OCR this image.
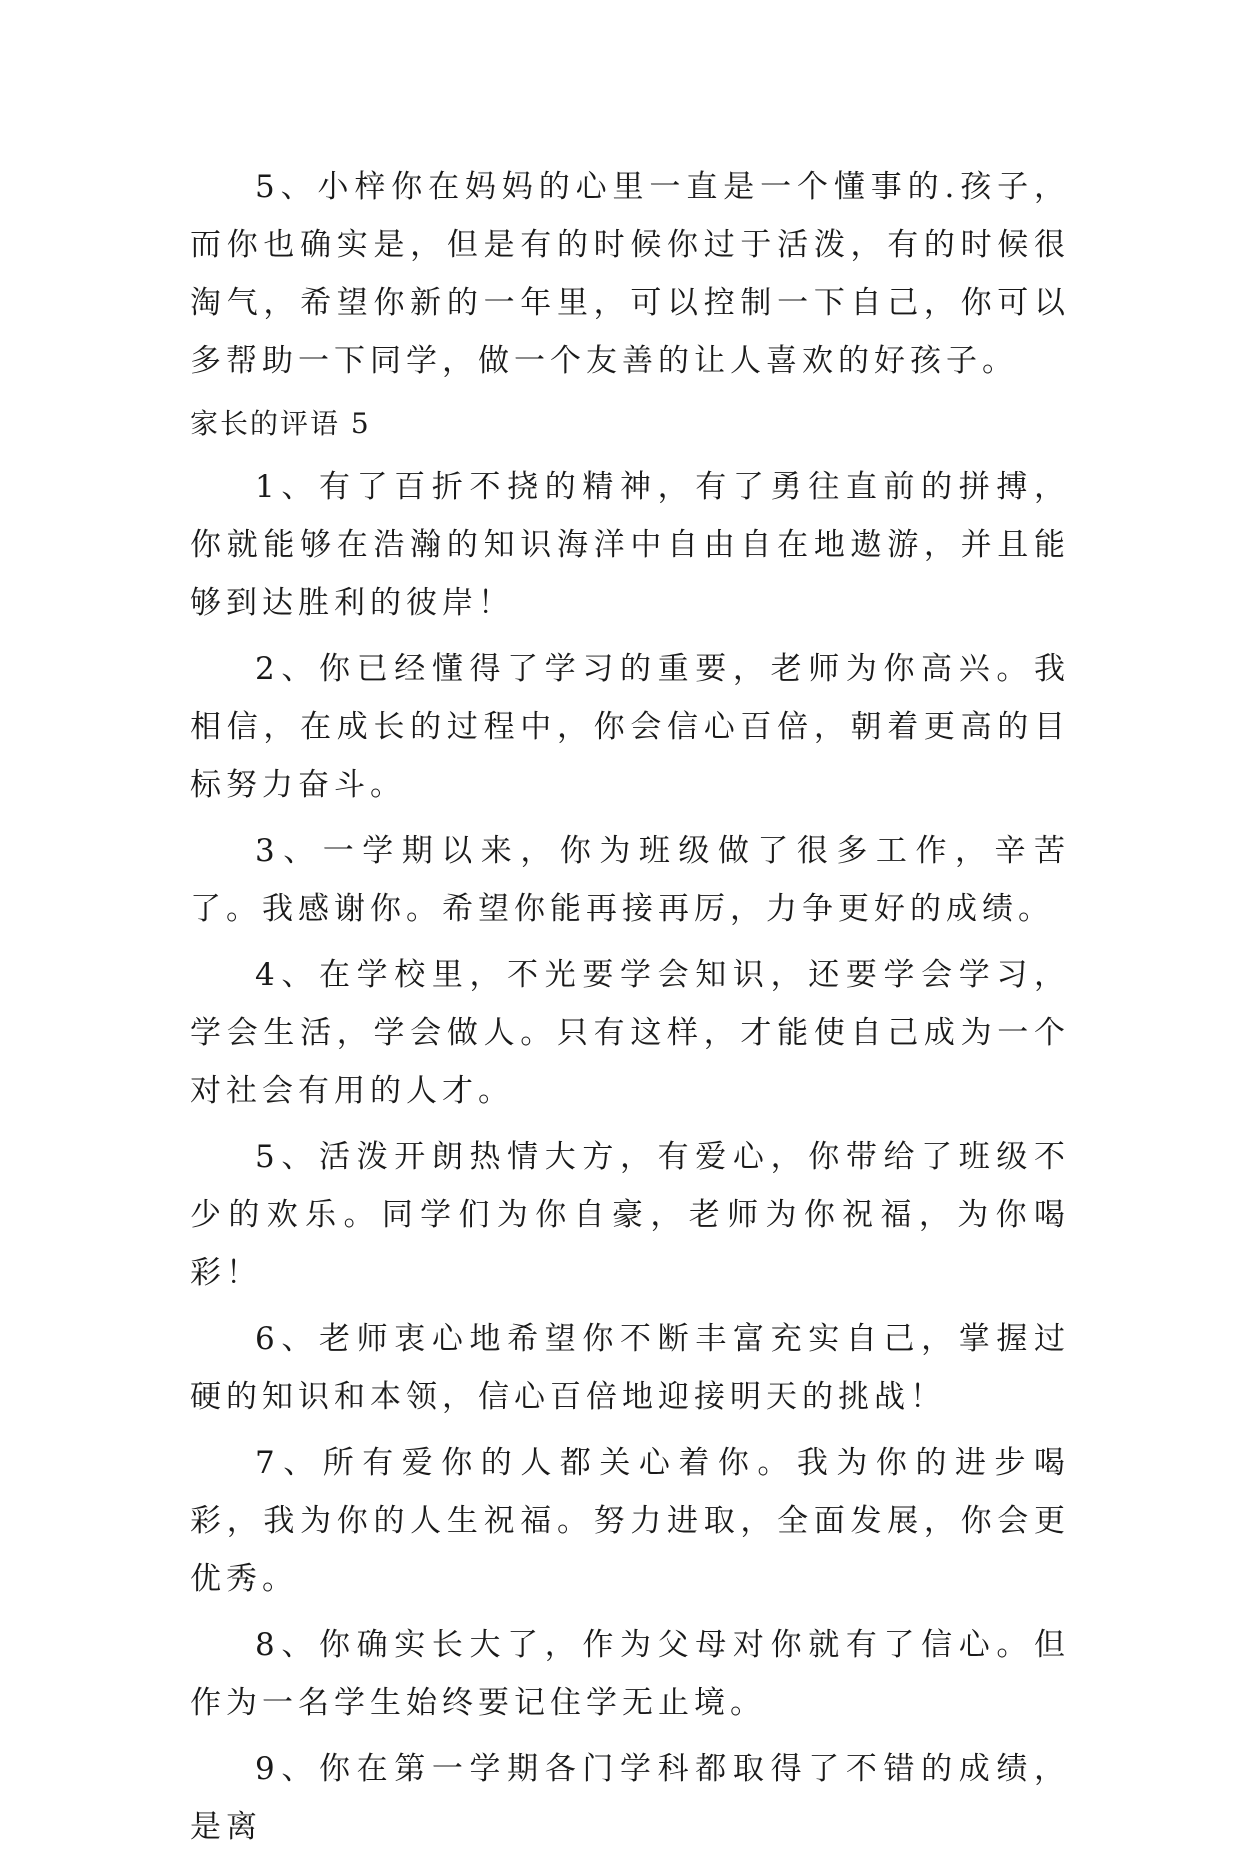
5、小梓你在妈妈的心里一直是一个懂事的.孩子，而你也确实是，但是有的时候你过于活泼，有的时候很淘气，希望你新的一年里，可以控制一下自己，你可以多帮助一下同学，做一个友善的让人喜欢的好孩子。

家长的评语 5

1、有了百折不挠的精神，有了勇往直前的拼搏，你就能够在浩瀚的知识海洋中自由自在地遨游，并且能够到达胜利的彼岸！

2、你已经懂得了学习的重要，老师为你高兴。我相信，在成长的过程中，你会信心百倍，朝着更高的目标努力奋斗。

3、一学期以来，你为班级做了很多工作，辛苦了。我感谢你。希望你能再接再厉，力争更好的成绩。

4、在学校里，不光要学会知识，还要学会学习，学会生活，学会做人。只有这样，才能使自己成为一个对社会有用的人才。

5、活泼开朗热情大方，有爱心，你带给了班级不少的欢乐。同学们为你自豪，老师为你祝福，为你喝彩！

6、老师衷心地希望你不断丰富充实自己，掌握过硬的知识和本领，信心百倍地迎接明天的挑战！

7、所有爱你的人都关心着你。我为你的进步喝彩，我为你的人生祝福。努力进取，全面发展，你会更优秀。

8、你确实长大了，作为父母对你就有了信心。但作为一名学生始终要记住学无止境。

9、你在第一学期各门学科都取得了不错的成绩，是离
